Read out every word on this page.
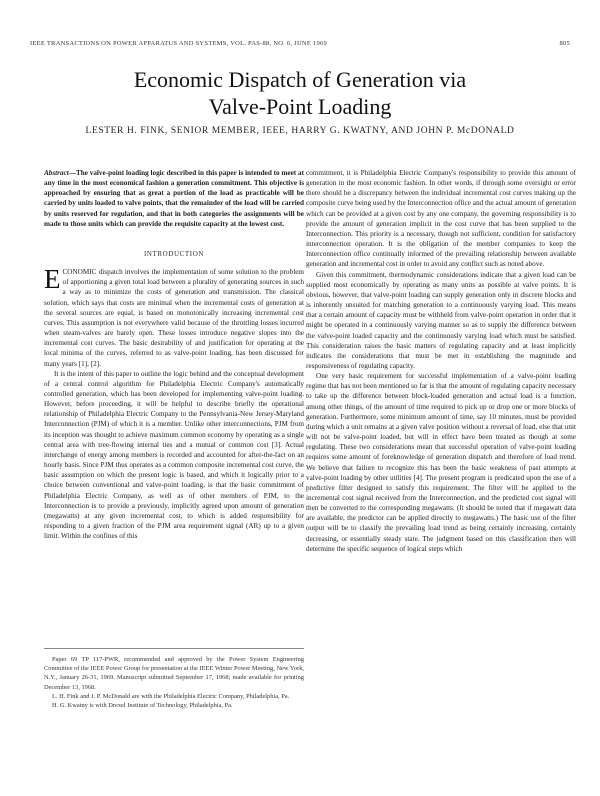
IEEE TRANSACTIONS ON POWER APPARATUS AND SYSTEMS, VOL. PAS-88, NO. 6, JUNE 1969	805
Economic Dispatch of Generation via
Valve-Point Loading
LESTER H. FINK, SENIOR MEMBER, IEEE, HARRY G. KWATNY, AND JOHN P. McDONALD
Abstract—The valve-point loading logic described in this paper is intended to meet at any time in the most economical fashion a generation commitment. This objective is approached by ensuring that as great a portion of the load as practicable will be carried by units loaded to valve points, that the remainder of the load will be carried by units reserved for regulation, and that in both categories the assignments will be made to those units which can provide the requisite capacity at the lowest cost.
INTRODUCTION

ECONOMIC dispatch involves the implementation of some solution to the problem of apportioning a given total load between a plurality of generating sources in such a way as to minimize the costs of generation and transmission. The classical solution, which says that costs are minimal when the incremental costs of generation at the several sources are equal, is based on monotonically increasing incremental cost curves. This assumption is not everywhere valid because of the throttling losses incurred when steam-valves are barely open. These losses introduce negative slopes into the incremental cost curves. The basic desirability of and justification for operating at the local minima of the curves, referred to as valve-point loading, has been discussed for many years [1], [2].

It is the intent of this paper to outline the logic behind and the conceptual development of a central control algorithm for Philadelphia Electric Company's automatically controlled generation, which has been developed for implementing valve-point loading. However, before proceeding, it will be helpful to describe briefly the operational relationship of Philadelphia Electric Company to the Pennsylvania-New Jersey-Maryland Interconnection (PJM) of which it is a member. Unlike other interconnections, PJM from its inception was thought to achieve maximum common economy by operating as a single central area with tree-flowing internal ties and a mutual or common cost [3]. Actual interchange of energy among members is recorded and accounted for after-the-fact on an hourly basis. Since PJM thus operates as a common composite incremental cost curve, the basic assumption on which the present logic is based, and which it logically prior to a choice between conventional and valve-point loading, is that the basic commitment of Philadelphia Electric Company, as well as of other members of PJM, to the Interconnection is to provide a previously, implicitly agreed upon amount of generation (megawatts) at any given incremental cost, to which is added responsibility for responding to a given fraction of the PJM area requirement signal (AR) up to a given limit. Within the confines of this

commitment, it is Philadelphia Electric Company's responsibility to provide this amount of generation in the most economic fashion. In other words, if through some oversight or error there should be a discrepancy between the individual incremental cost curves making up the composite curve being used by the Interconnection office and the actual amount of generation which can be provided at a given cost by any one company, the governing responsibility is to provide the amount of generation implicit in the cost curve that has been supplied to the Interconnection. This priority is a necessary, though not sufficient, condition for satisfactory interconnection operation. It is the obligation of the member companies to keep the Interconnection office continually informed of the prevailing relationship between available generation and incremental cost in order to avoid any conflict such as noted above.

Given this commitment, thermodynamic considerations indicate that a given load can be supplied most economically by operating as many units as possible at valve points. It is obvious, however, that valve-point loading can supply generation only in discrete blocks and is inherently unsuited for matching generation to a continuously varying load. This means that a certain amount of capacity must be withheld from valve-point operation in order that it might be operated in a continuously varying manner so as to supply the difference between the valve-point loaded capacity and the continuously varying load which must be satisfied. This consideration raises the basic matters of regulating capacity and at least implicitly indicates the considerations that must be met in establishing the magnitude and responsiveness of regulating capacity.

One very basic requirement for successful implementation of a valve-point loading regime that has not been mentioned so far is that the amount of regulating capacity necessary to take up the difference between block-loaded generation and actual load is a function, among other things, of the amount of time required to pick up or drop one or more blocks of generation. Furthermore, some minimum amount of time, say 10 minutes, must be provided during which a unit remains at a given valve position without a reversal of load, else that unit will not be valve-point loaded, but will in effect have been treated as though at some regulating. These two considerations mean that successful operation of valve-point loading requires some amount of foreknowledge of generation dispatch and therefore of load trend. We believe that failure to recognize this has been the basic weakness of past attempts at valve-point loading by other utilities [4]. The present program is predicated upon the use of a predictive filter designed to satisfy this requirement. The filter will be applied to the incremental cost signal received from the Interconnection, and the predicted cost signal will then be converted to the corresponding megawatts. (It should be noted that if megawatt data are available, the predictor can be applied directly to megawatts.) The basic use of the filter output will be to classify the prevailing load trend as being certainly increasing, certainly decreasing, or essentially steady state. The judgment based on this classification then will determine the specific sequence of logical steps which

Paper 69 TP 117-PWR, recommended and approved by the Power System Engineering Committee of the IEEE Power Group for presentation at the IEEE Winter Power Meeting, New York, N.Y., January 26-31, 1969. Manuscript submitted September 17, 1968; made available for printing December 13, 1968.
L. H. Fink and J. P. McDonald are with the Philadelphia Electric Company, Philadelphia, Pa.
H. G. Kwatny is with Drexel Institute of Technology, Philadelphia, Pa.
